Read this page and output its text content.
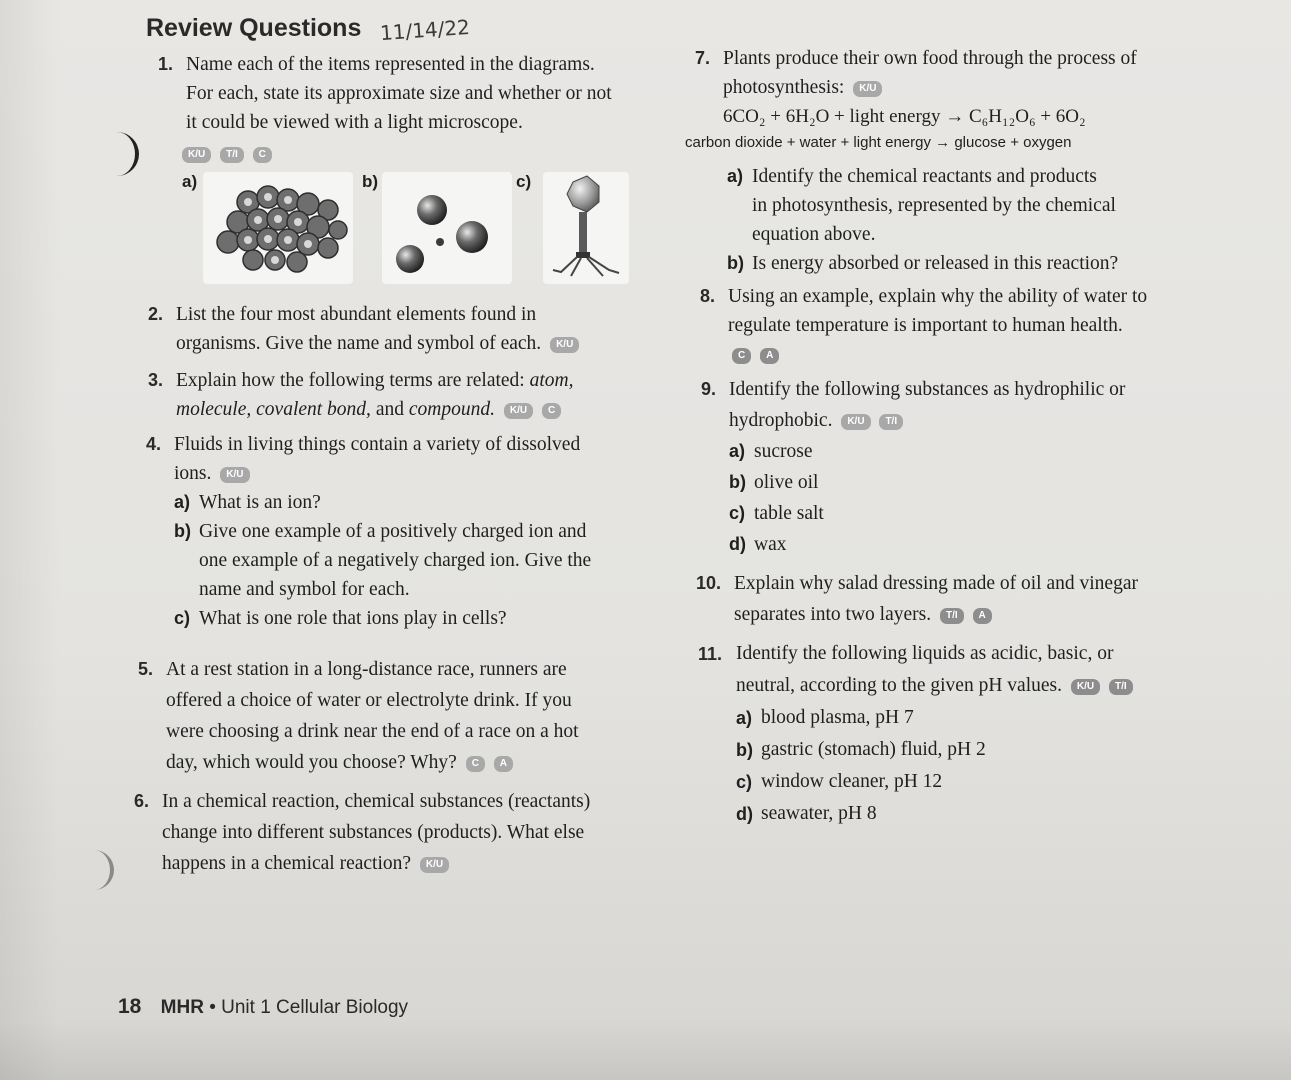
Review Questions 11/14/22
1. Name each of the items represented in the diagrams.
For each, state its approximate size and whether or not
it could be viewed with a light microscope.
K/U T/I C
a)	b)	c)
2. List the four most abundant elements found in
organisms. Give the name and symbol of each. K/U
3. Explain how the following terms are related: atom,
molecule, covalent bond, and compound. K/U C
4. Fluids in living things contain a variety of dissolved
ions. K/U
a) What is an ion?
b) Give one example of a positively charged ion and
one example of a negatively charged ion. Give the
name and symbol for each.
c) What is one role that ions play in cells?
5. At a rest station in a long-distance race, runners are
offered a choice of water or electrolyte drink. If you
were choosing a drink near the end of a race on a hot
day, which would you choose? Why? C A
6. In a chemical reaction, chemical substances (reactants)
change into different substances (products). What else
happens in a chemical reaction? K/U
7. Plants produce their own food through the process of
photosynthesis: K/U
6CO₂ + 6H₂O + light energy → C₆H₁₂O₆ + 6O₂
carbon dioxide + water + light energy → glucose + oxygen
a) Identify the chemical reactants and products
in photosynthesis, represented by the chemical
equation above.
b) Is energy absorbed or released in this reaction?
8. Using an example, explain why the ability of water to
regulate temperature is important to human health.
C A
9. Identify the following substances as hydrophilic or
hydrophobic. K/U T/I
a) sucrose
b) olive oil
c) table salt
d) wax
10. Explain why salad dressing made of oil and vinegar
separates into two layers. T/I A
11. Identify the following liquids as acidic, basic, or
neutral, according to the given pH values. K/U T/I
a) blood plasma, pH 7
b) gastric (stomach) fluid, pH 2
c) window cleaner, pH 12
d) seawater, pH 8
18 MHR • Unit 1 Cellular Biology
